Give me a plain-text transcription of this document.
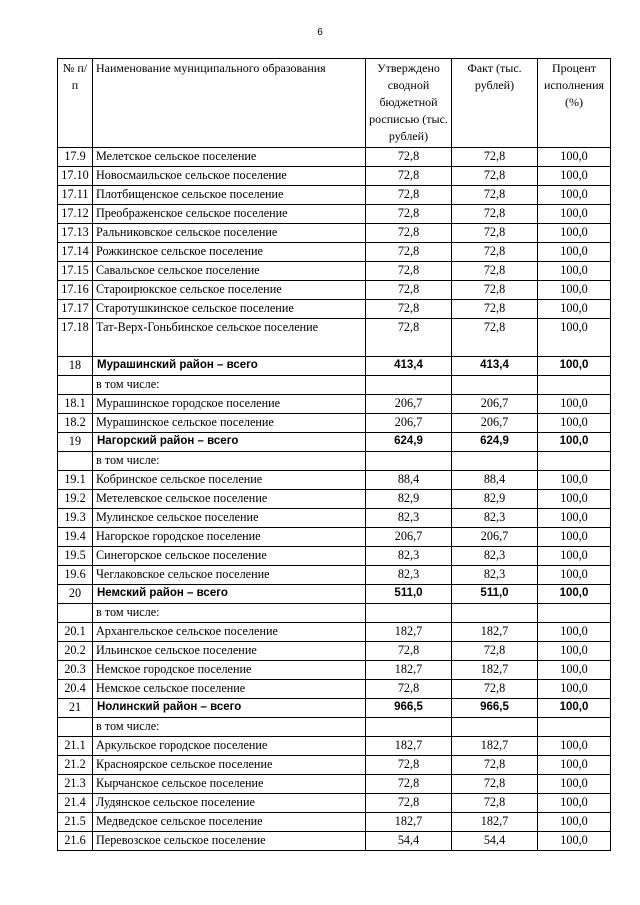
6
№ п/п	Наименование муниципального образования	Утверждено сводной бюджетной росписью (тыс. рублей)	Факт (тыс. рублей)	Процент исполнения (%)
17.9	Мелетское сельское поселение	72,8	72,8	100,0
17.10	Новосмаильское сельское поселение	72,8	72,8	100,0
17.11	Плотбищенское сельское поселение	72,8	72,8	100,0
17.12	Преображенское сельское поселение	72,8	72,8	100,0
17.13	Ральниковское сельское поселение	72,8	72,8	100,0
17.14	Рожкинское сельское поселение	72,8	72,8	100,0
17.15	Савальское сельское поселение	72,8	72,8	100,0
17.16	Староирюкское сельское поселение	72,8	72,8	100,0
17.17	Старотушкинское сельское поселение	72,8	72,8	100,0
17.18	Тат-Верх-Гоньбинское сельское поселение	72,8	72,8	100,0
18	Мурашинский район – всего	413,4	413,4	100,0
	в том числе:			
18.1	Мурашинское городское поселение	206,7	206,7	100,0
18.2	Мурашинское сельское поселение	206,7	206,7	100,0
19	Нагорский район – всего	624,9	624,9	100,0
	в том числе:			
19.1	Кобринское сельское поселение	88,4	88,4	100,0
19.2	Метелевское сельское поселение	82,9	82,9	100,0
19.3	Мулинское сельское поселение	82,3	82,3	100,0
19.4	Нагорское городское поселение	206,7	206,7	100,0
19.5	Синегорское сельское поселение	82,3	82,3	100,0
19.6	Чеглаковское сельское поселение	82,3	82,3	100,0
20	Немский район – всего	511,0	511,0	100,0
	в том числе:			
20.1	Архангельское сельское поселение	182,7	182,7	100,0
20.2	Ильинское сельское поселение	72,8	72,8	100,0
20.3	Немское городское поселение	182,7	182,7	100,0
20.4	Немское сельское поселение	72,8	72,8	100,0
21	Нолинский район – всего	966,5	966,5	100,0
	в том числе:			
21.1	Аркульское городское поселение	182,7	182,7	100,0
21.2	Красноярское сельское поселение	72,8	72,8	100,0
21.3	Кырчанское сельское поселение	72,8	72,8	100,0
21.4	Лудянское сельское поселение	72,8	72,8	100,0
21.5	Медведское сельское поселение	182,7	182,7	100,0
21.6	Перевозское сельское поселение	54,4	54,4	100,0
